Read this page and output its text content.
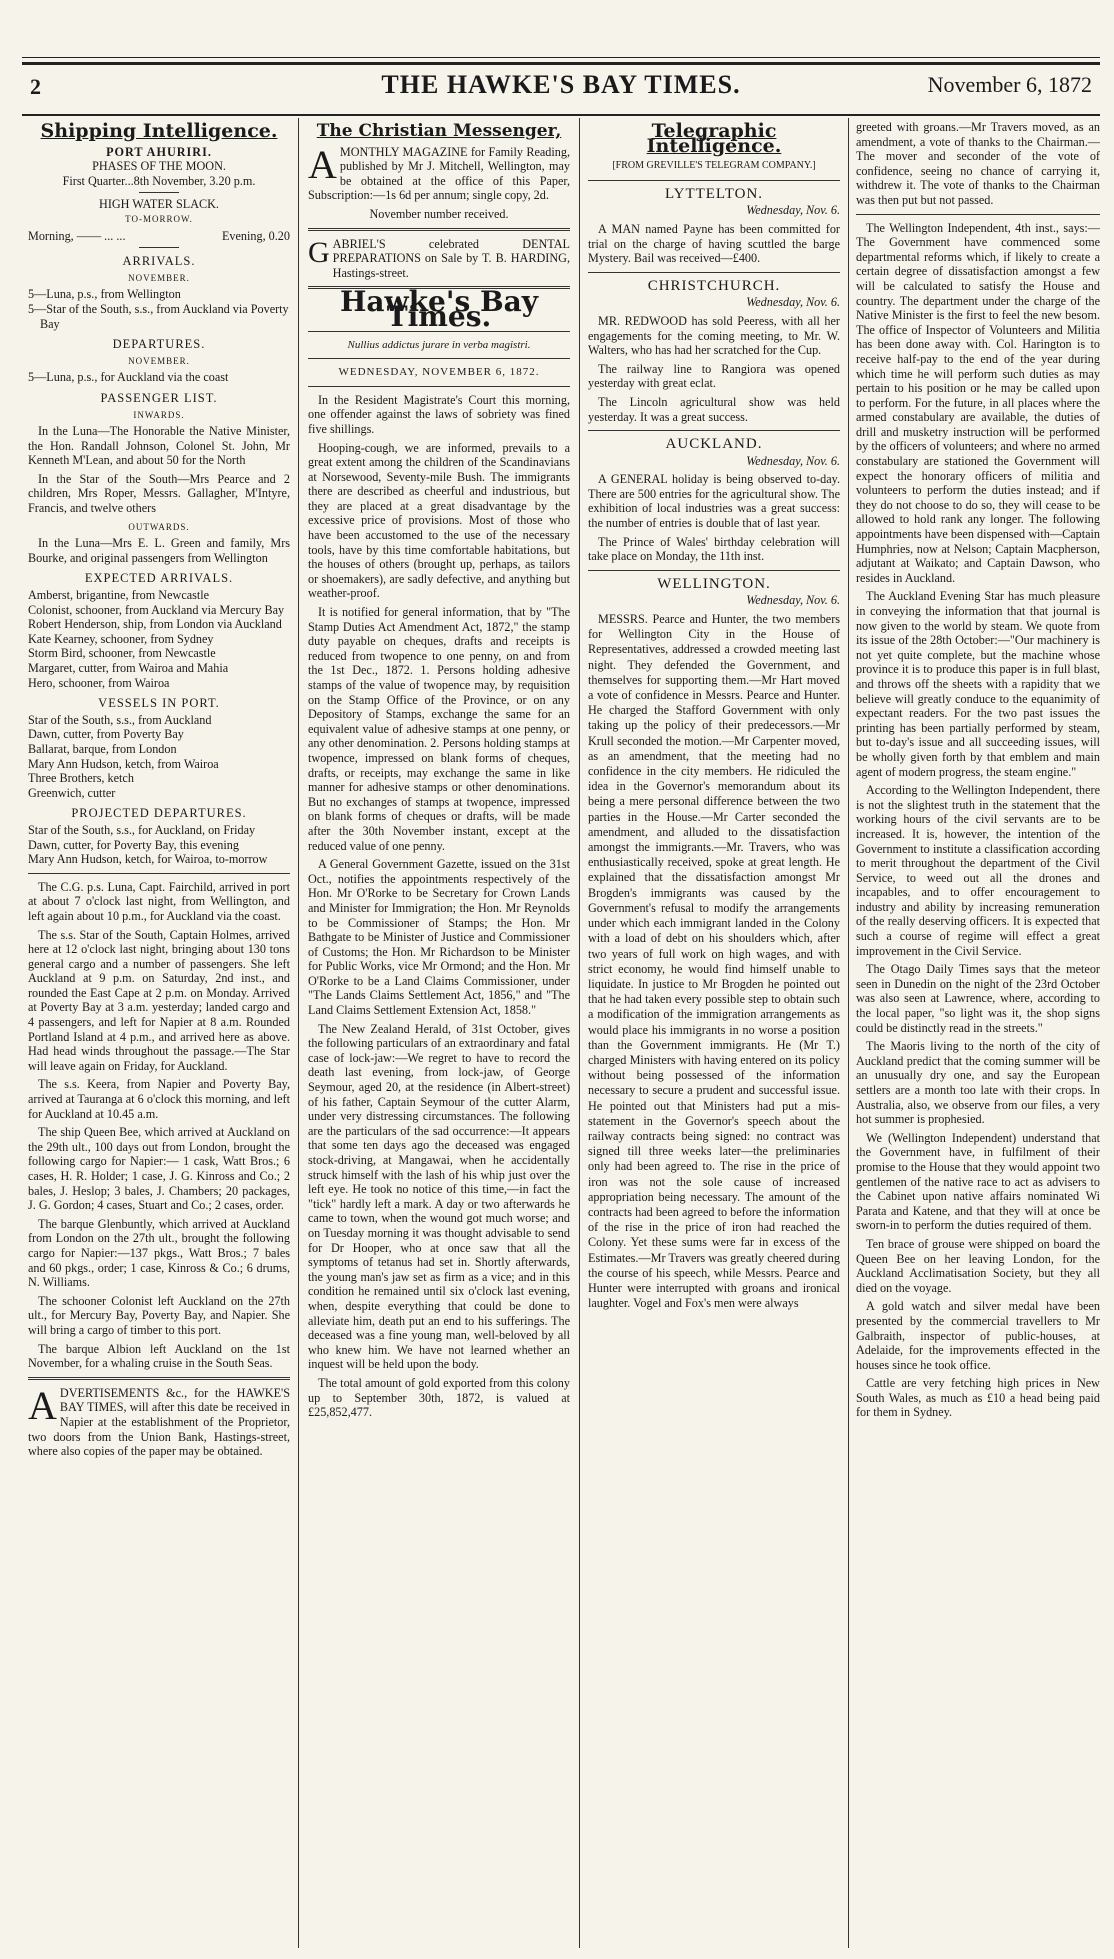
2	THE HAWKE'S BAY TIMES.	November 6, 1872
Shipping Intelligence.
PORT AHURIRI.
PHASES OF THE MOON.
First Quarter...8th November, 3.20 p.m.
HIGH WATER SLACK.
TO-MORROW.
Morning, —— ... ...	Evening, 0.20
ARRIVALS.
NOVEMBER.

5—Luna, p.s., from Wellington

5—Star of the South, s.s., from Auckland via Poverty Bay

DEPARTURES.
NOVEMBER.

5—Luna, p.s., for Auckland via the coast

PASSENGER LIST.
INWARDS.

In the Luna—The Honorable the Native Minister, the Hon. Randall Johnson, Colonel St. John, Mr Kenneth M'Lean, and about 50 for the North

In the Star of the South—Mrs Pearce and 2 children, Mrs Roper, Messrs. Gallagher, M'Intyre, Francis, and twelve others

OUTWARDS.

In the Luna—Mrs E. L. Green and family, Mrs Bourke, and original passengers from Wellington

EXPECTED ARRIVALS.

Amberst, brigantine, from Newcastle

Colonist, schooner, from Auckland via Mercury Bay

Robert Henderson, ship, from London via Auckland

Kate Kearney, schooner, from Sydney

Storm Bird, schooner, from Newcastle

Margaret, cutter, from Wairoa and Mahia

Hero, schooner, from Wairoa

VESSELS IN PORT.

Star of the South, s.s., from Auckland

Dawn, cutter, from Poverty Bay

Ballarat, barque, from London

Mary Ann Hudson, ketch, from Wairoa

Three Brothers, ketch

Greenwich, cutter

PROJECTED DEPARTURES.

Star of the South, s.s., for Auckland, on Friday

Dawn, cutter, for Poverty Bay, this evening

Mary Ann Hudson, ketch, for Wairoa, to-morrow

The C.G. p.s. Luna, Capt. Fairchild, arrived in port at about 7 o'clock last night, from Wellington, and left again about 10 p.m., for Auckland via the coast.

The s.s. Star of the South, Captain Holmes, arrived here at 12 o'clock last night, bringing about 130 tons general cargo and a number of passengers. She left Auckland at 9 p.m. on Saturday, 2nd inst., and rounded the East Cape at 2 p.m. on Monday. Arrived at Poverty Bay at 3 a.m. yesterday; landed cargo and 4 passengers, and left for Napier at 8 a.m. Rounded Portland Island at 4 p.m., and arrived here as above. Had head winds throughout the passage.—The Star will leave again on Friday, for Auckland.

The s.s. Keera, from Napier and Poverty Bay, arrived at Tauranga at 6 o'clock this morning, and left for Auckland at 10.45 a.m.

The ship Queen Bee, which arrived at Auckland on the 29th ult., 100 days out from London, brought the following cargo for Napier:— 1 cask, Watt Bros.; 6 cases, H. R. Holder; 1 case, J. G. Kinross and Co.; 2 bales, J. Heslop; 3 bales, J. Chambers; 20 packages, J. G. Gordon; 4 cases, Stuart and Co.; 2 cases, order.

The barque Glenbuntly, which arrived at Auckland from London on the 27th ult., brought the following cargo for Napier:—137 pkgs., Watt Bros.; 7 bales and 60 pkgs., order; 1 case, Kinross & Co.; 6 drums, N. Williams.

The schooner Colonist left Auckland on the 27th ult., for Mercury Bay, Poverty Bay, and Napier. She will bring a cargo of timber to this port.

The barque Albion left Auckland on the 1st November, for a whaling cruise in the South Seas.

ADVERTISEMENTS &c., for the HAWKE'S BAY TIMES, will after this date be received in Napier at the establishment of the Proprietor, two doors from the Union Bank, Hastings-street, where also copies of the paper may be obtained.

The Christian Messenger,

AMONTHLY MAGAZINE for Family Reading, published by Mr J. Mitchell, Wellington, may be obtained at the office of this Paper, Subscription:—1s 6d per annum; single copy, 2d.

November number received.

GABRIEL'S celebrated DENTAL PREPARATIONS on Sale by T. B. HARDING, Hastings-street.

Hawke's Bay Times.
Nullius addictus jurare in verba magistri.
WEDNESDAY, NOVEMBER 6, 1872.

In the Resident Magistrate's Court this morning, one offender against the laws of sobriety was fined five shillings.

Hooping-cough, we are informed, prevails to a great extent among the children of the Scandinavians at Norsewood, Seventy-mile Bush. The immigrants there are described as cheerful and industrious, but they are placed at a great disadvantage by the excessive price of provisions. Most of those who have been accustomed to the use of the necessary tools, have by this time comfortable habitations, but the houses of others (brought up, perhaps, as tailors or shoemakers), are sadly defective, and anything but weather-proof.

It is notified for general information, that by "The Stamp Duties Act Amendment Act, 1872," the stamp duty payable on cheques, drafts and receipts is reduced from twopence to one penny, on and from the 1st Dec., 1872. 1. Persons holding adhesive stamps of the value of twopence may, by requisition on the Stamp Office of the Province, or on any Depository of Stamps, exchange the same for an equivalent value of adhesive stamps at one penny, or any other denomination. 2. Persons holding stamps at twopence, impressed on blank forms of cheques, drafts, or receipts, may exchange the same in like manner for adhesive stamps or other denominations. But no exchanges of stamps at twopence, impressed on blank forms of cheques or drafts, will be made after the 30th November instant, except at the reduced value of one penny.

A General Government Gazette, issued on the 31st Oct., notifies the appointments respectively of the Hon. Mr O'Rorke to be Secretary for Crown Lands and Minister for Immigration; the Hon. Mr Reynolds to be Commissioner of Stamps; the Hon. Mr Bathgate to be Minister of Justice and Commissioner of Customs; the Hon. Mr Richardson to be Minister for Public Works, vice Mr Ormond; and the Hon. Mr O'Rorke to be a Land Claims Commissioner, under "The Lands Claims Settlement Act, 1856," and "The Land Claims Settlement Extension Act, 1858."

The New Zealand Herald, of 31st October, gives the following particulars of an extraordinary and fatal case of lock-jaw:—We regret to have to record the death last evening, from lock-jaw, of George Seymour, aged 20, at the residence (in Albert-street) of his father, Captain Seymour of the cutter Alarm, under very distressing circumstances. The following are the particulars of the sad occurrence:—It appears that some ten days ago the deceased was engaged stock-driving, at Mangawai, when he accidentally struck himself with the lash of his whip just over the left eye. He took no notice of this time,—in fact the "tick" hardly left a mark. A day or two afterwards he came to town, when the wound got much worse; and on Tuesday morning it was thought advisable to send for Dr Hooper, who at once saw that all the symptoms of tetanus had set in. Shortly afterwards, the young man's jaw set as firm as a vice; and in this condition he remained until six o'clock last evening, when, despite everything that could be done to alleviate him, death put an end to his sufferings. The deceased was a fine young man, well-beloved by all who knew him. We have not learned whether an inquest will be held upon the body.

The total amount of gold exported from this colony up to September 30th, 1872, is valued at £25,852,477.

Telegraphic Intelligence.
[FROM GREVILLE'S TELEGRAM COMPANY.]
LYTTELTON.
Wednesday, Nov. 6.

A MAN named Payne has been committed for trial on the charge of having scuttled the barge Mystery. Bail was received—£400.

CHRISTCHURCH.
Wednesday, Nov. 6.

MR. REDWOOD has sold Peeress, with all her engagements for the coming meeting, to Mr. W. Walters, who has had her scratched for the Cup.

The railway line to Rangiora was opened yesterday with great eclat.

The Lincoln agricultural show was held yesterday. It was a great success.

AUCKLAND.
Wednesday, Nov. 6.

A GENERAL holiday is being observed to-day. There are 500 entries for the agricultural show. The exhibition of local industries was a great success: the number of entries is double that of last year.

The Prince of Wales' birthday celebration will take place on Monday, the 11th inst.

WELLINGTON.
Wednesday, Nov. 6.

MESSRS. Pearce and Hunter, the two members for Wellington City in the House of Representatives, addressed a crowded meeting last night. They defended the Government, and themselves for supporting them.—Mr Hart moved a vote of confidence in Messrs. Pearce and Hunter. He charged the Stafford Government with only taking up the policy of their predecessors.—Mr Krull seconded the motion.—Mr Carpenter moved, as an amendment, that the meeting had no confidence in the city members. He ridiculed the idea in the Governor's memorandum about its being a mere personal difference between the two parties in the House.—Mr Carter seconded the amendment, and alluded to the dissatisfaction amongst the immigrants.—Mr. Travers, who was enthusiastically received, spoke at great length. He explained that the dissatisfaction amongst Mr Brogden's immigrants was caused by the Government's refusal to modify the arrangements under which each immigrant landed in the Colony with a load of debt on his shoulders which, after two years of full work on high wages, and with strict economy, he would find himself unable to liquidate. In justice to Mr Brogden he pointed out that he had taken every possible step to obtain such a modification of the immigration arrangements as would place his immigrants in no worse a position than the Government immigrants. He (Mr T.) charged Ministers with having entered on its policy without being possessed of the information necessary to secure a prudent and successful issue. He pointed out that Ministers had put a mis-statement in the Governor's speech about the railway contracts being signed: no contract was signed till three weeks later—the preliminaries only had been agreed to. The rise in the price of iron was not the sole cause of increased appropriation being necessary. The amount of the contracts had been agreed to before the information of the rise in the price of iron had reached the Colony. Yet these sums were far in excess of the Estimates.—Mr Travers was greatly cheered during the course of his speech, while Messrs. Pearce and Hunter were interrupted with groans and ironical laughter. Vogel and Fox's men were always

greeted with groans.—Mr Travers moved, as an amendment, a vote of thanks to the Chairman.—The mover and seconder of the vote of confidence, seeing no chance of carrying it, withdrew it. The vote of thanks to the Chairman was then put but not passed.

The Wellington Independent, 4th inst., says:—The Government have commenced some departmental reforms which, if likely to create a certain degree of dissatisfaction amongst a few will be calculated to satisfy the House and country. The department under the charge of the Native Minister is the first to feel the new besom. The office of Inspector of Volunteers and Militia has been done away with. Col. Harington is to receive half-pay to the end of the year during which time he will perform such duties as may pertain to his position or he may be called upon to perform. For the future, in all places where the armed constabulary are available, the duties of drill and musketry instruction will be performed by the officers of volunteers; and where no armed constabulary are stationed the Government will expect the honorary officers of militia and volunteers to perform the duties instead; and if they do not choose to do so, they will cease to be allowed to hold rank any longer. The following appointments have been dispensed with—Captain Humphries, now at Nelson; Captain Macpherson, adjutant at Waikato; and Captain Dawson, who resides in Auckland.

The Auckland Evening Star has much pleasure in conveying the information that that journal is now given to the world by steam. We quote from its issue of the 28th October:—"Our machinery is not yet quite complete, but the machine whose province it is to produce this paper is in full blast, and throws off the sheets with a rapidity that we believe will greatly conduce to the equanimity of expectant readers. For the two past issues the printing has been partially performed by steam, but to-day's issue and all succeeding issues, will be wholly given forth by that emblem and main agent of modern progress, the steam engine."

According to the Wellington Independent, there is not the slightest truth in the statement that the working hours of the civil servants are to be increased. It is, however, the intention of the Government to institute a classification according to merit throughout the department of the Civil Service, to weed out all the drones and incapables, and to offer encouragement to industry and ability by increasing remuneration of the really deserving officers. It is expected that such a course of regime will effect a great improvement in the Civil Service.

The Otago Daily Times says that the meteor seen in Dunedin on the night of the 23rd October was also seen at Lawrence, where, according to the local paper, "so light was it, the shop signs could be distinctly read in the streets."

The Maoris living to the north of the city of Auckland predict that the coming summer will be an unusually dry one, and say the European settlers are a month too late with their crops. In Australia, also, we observe from our files, a very hot summer is prophesied.

We (Wellington Independent) understand that the Government have, in fulfilment of their promise to the House that they would appoint two gentlemen of the native race to act as advisers to the Cabinet upon native affairs nominated Wi Parata and Katene, and that they will at once be sworn-in to perform the duties required of them.

Ten brace of grouse were shipped on board the Queen Bee on her leaving London, for the Auckland Acclimatisation Society, but they all died on the voyage.

A gold watch and silver medal have been presented by the commercial travellers to Mr Galbraith, inspector of public-houses, at Adelaide, for the improvements effected in the houses since he took office.

Cattle are very fetching high prices in New South Wales, as much as £10 a head being paid for them in Sydney.
